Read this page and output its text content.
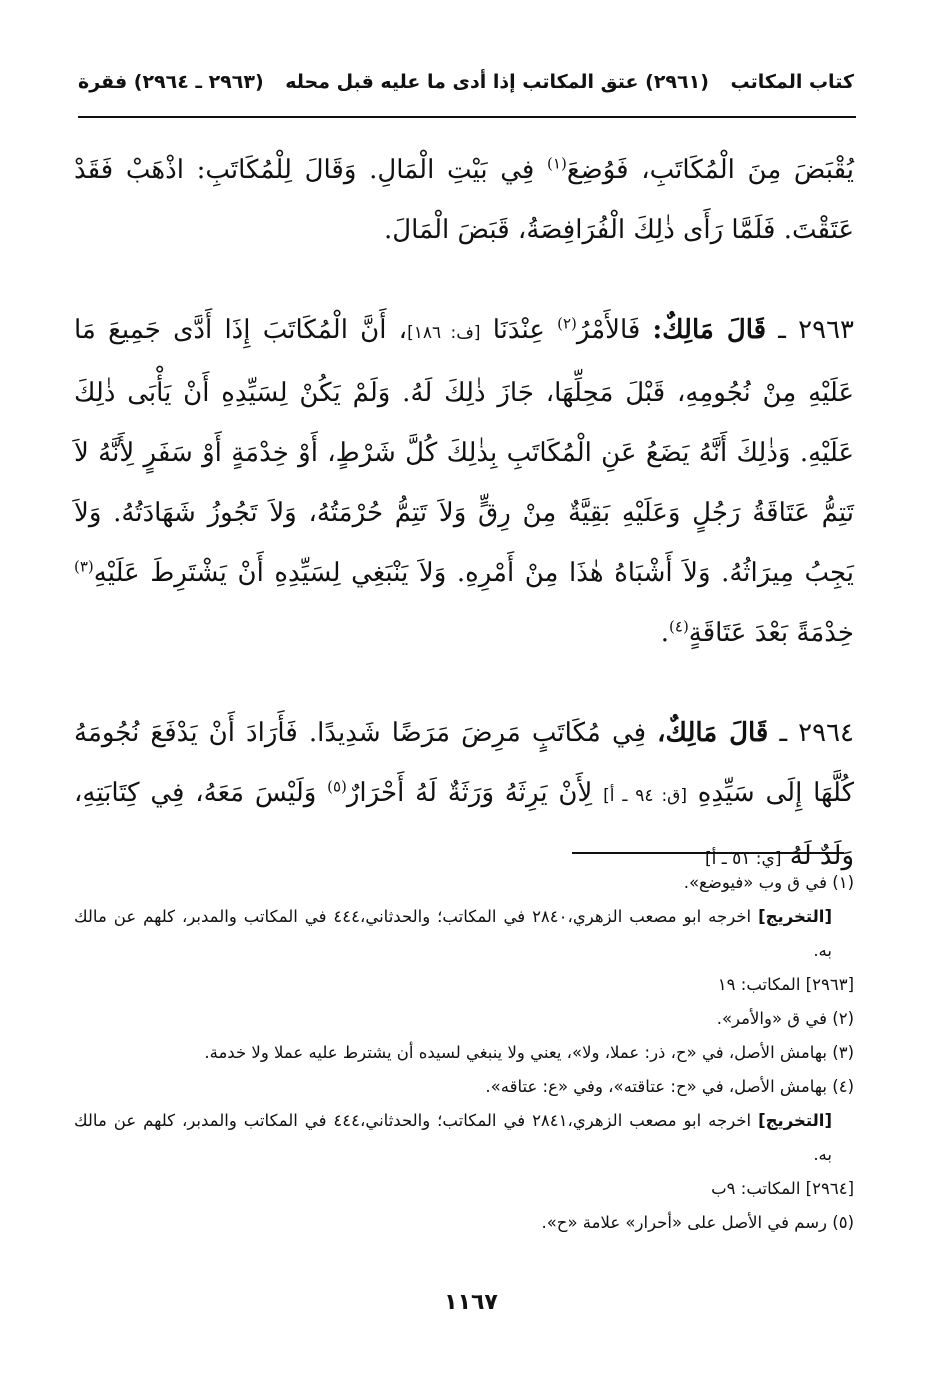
كتاب المكاتب
(٢٩٦١) عتق المكاتب إذا أدى ما عليه قبل محله
(٢٩٦٣ ـ ٢٩٦٤) فقرة

يُقْبَضَ مِنَ الْمُكَاتَبِ، فَوُضِعَ$^{(١)}$ فِي بَيْتِ الْمَالِ. وَقَالَ لِلْمُكَاتَبِ: اذْهَبْ فَقَدْ عَتَقْتَ. فَلَمَّا رَأَى ذٰلِكَ الْفُرَافِصَةُ، قَبَضَ الْمَالَ.

٢٩٦٣ ـ قَالَ مَالِكٌ: فَالأَمْرُ$^{(٢)}$ عِنْدَنَا [ف: ١٨٦]، أَنَّ الْمُكَاتَبَ إِذَا أَدَّى جَمِيعَ مَا عَلَيْهِ مِنْ نُجُومِهِ، قَبْلَ مَحِلِّهَا، جَازَ ذٰلِكَ لَهُ. وَلَمْ يَكُنْ لِسَيِّدِهِ أَنْ يَأْبَى ذٰلِكَ عَلَيْهِ. وَذٰلِكَ أَنَّهُ يَضَعُ عَنِ الْمُكَاتَبِ بِذٰلِكَ كُلَّ شَرْطٍ، أَوْ خِدْمَةٍ أَوْ سَفَرٍ لِأَنَّهُ لاَ تَتِمُّ عَتَاقَةُ رَجُلٍ وَعَلَيْهِ بَقِيَّةٌ مِنْ رِقٍّ وَلاَ تَتِمُّ حُرْمَتُهُ، وَلاَ تَجُوزُ شَهَادَتُهُ. وَلاَ يَجِبُ مِيرَاثُهُ. وَلاَ أَشْبَاهُ هٰذَا مِنْ أَمْرِهِ. وَلاَ يَنْبَغِي لِسَيِّدِهِ أَنْ يَشْتَرِطَ عَلَيْهِ$^{(٣)}$ خِدْمَةً بَعْدَ عَتَاقَةٍ$^{(٤)}$.

٢٩٦٤ ـ قَالَ مَالِكٌ، فِي مُكَاتَبٍ مَرِضَ مَرَضًا شَدِيدًا. فَأَرَادَ أَنْ يَدْفَعَ نُجُومَهُ كُلَّهَا إِلَى سَيِّدِهِ [ق: ٩٤ ـ أ] لِأَنْ يَرِثَهُ وَرَثَةٌ لَهُ أَحْرَارٌ$^{(٥)}$ وَلَيْسَ مَعَهُ، فِي كِتَابَتِهِ، وَلَدٌ لَهُ [ي: ٥١ ـ أ]

(١) في ق وب «فيوضع».

[التخريج] اخرجه ابو مصعب الزهري،٢٨٤٠ في المكاتب؛ والحدثاني،٤٤٤ في المكاتب والمدبر، كلهم عن مالك به.

[٢٩٦٣] المكاتب: ١٩

(٢) في ق «والأمر».

(٣) بهامش الأصل، في «ح، ذر: عملا، ولا»، يعني ولا ينبغي لسيده أن يشترط عليه عملا ولا خدمة.

(٤) بهامش الأصل، في «ح: عتاقته»، وفي «ع: عتاقه».

[التخريج] اخرجه ابو مصعب الزهري،٢٨٤١ في المكاتب؛ والحدثاني،٤٤٤ في المكاتب والمدبر، كلهم عن مالك به.

[٢٩٦٤] المكاتب: ٩ب

(٥) رسم في الأصل على «أحرار» علامة «ح».

١١٦٧
